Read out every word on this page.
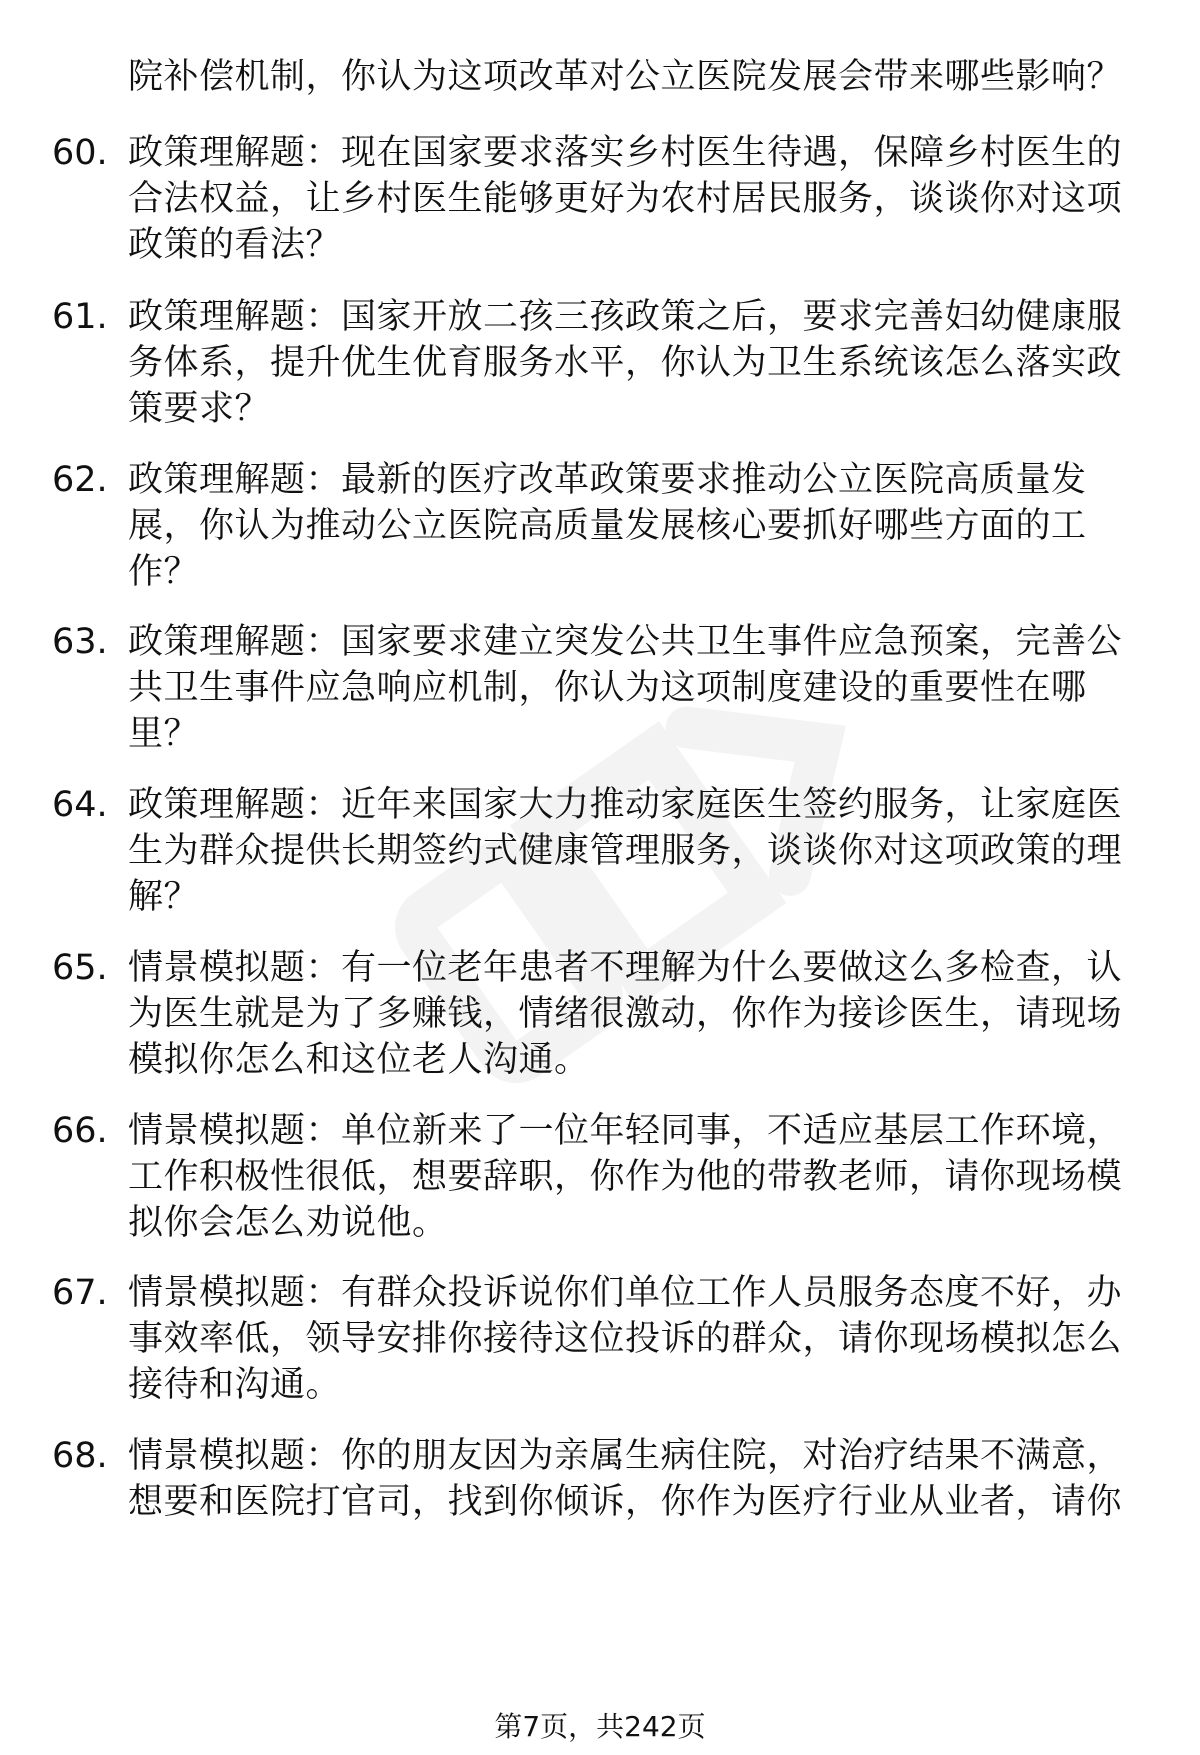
院补偿机制，你认为这项改革对公立医院发展会带来哪些影响？
60. 政策理解题：现在国家要求落实乡村医生待遇，保障乡村医生的
合法权益，让乡村医生能够更好为农村居民服务，谈谈你对这项
政策的看法？
61. 政策理解题：国家开放二孩三孩政策之后，要求完善妇幼健康服
务体系，提升优生优育服务水平，你认为卫生系统该怎么落实政
策要求？
62. 政策理解题：最新的医疗改革政策要求推动公立医院高质量发
展，你认为推动公立医院高质量发展核心要抓好哪些方面的工
作？
63. 政策理解题：国家要求建立突发公共卫生事件应急预案，完善公
共卫生事件应急响应机制，你认为这项制度建设的重要性在哪
里？
64. 政策理解题：近年来国家大力推动家庭医生签约服务，让家庭医
生为群众提供长期签约式健康管理服务，谈谈你对这项政策的理
解？
65. 情景模拟题：有一位老年患者不理解为什么要做这么多检查，认
为医生就是为了多赚钱，情绪很激动，你作为接诊医生，请现场
模拟你怎么和这位老人沟通。
66. 情景模拟题：单位新来了一位年轻同事，不适应基层工作环境，
工作积极性很低，想要辞职，你作为他的带教老师，请你现场模
拟你会怎么劝说他。
67. 情景模拟题：有群众投诉说你们单位工作人员服务态度不好，办
事效率低，领导安排你接待这位投诉的群众，请你现场模拟怎么
接待和沟通。
68. 情景模拟题：你的朋友因为亲属生病住院，对治疗结果不满意，
想要和医院打官司，找到你倾诉，你作为医疗行业从业者，请你
第7页，共242页
